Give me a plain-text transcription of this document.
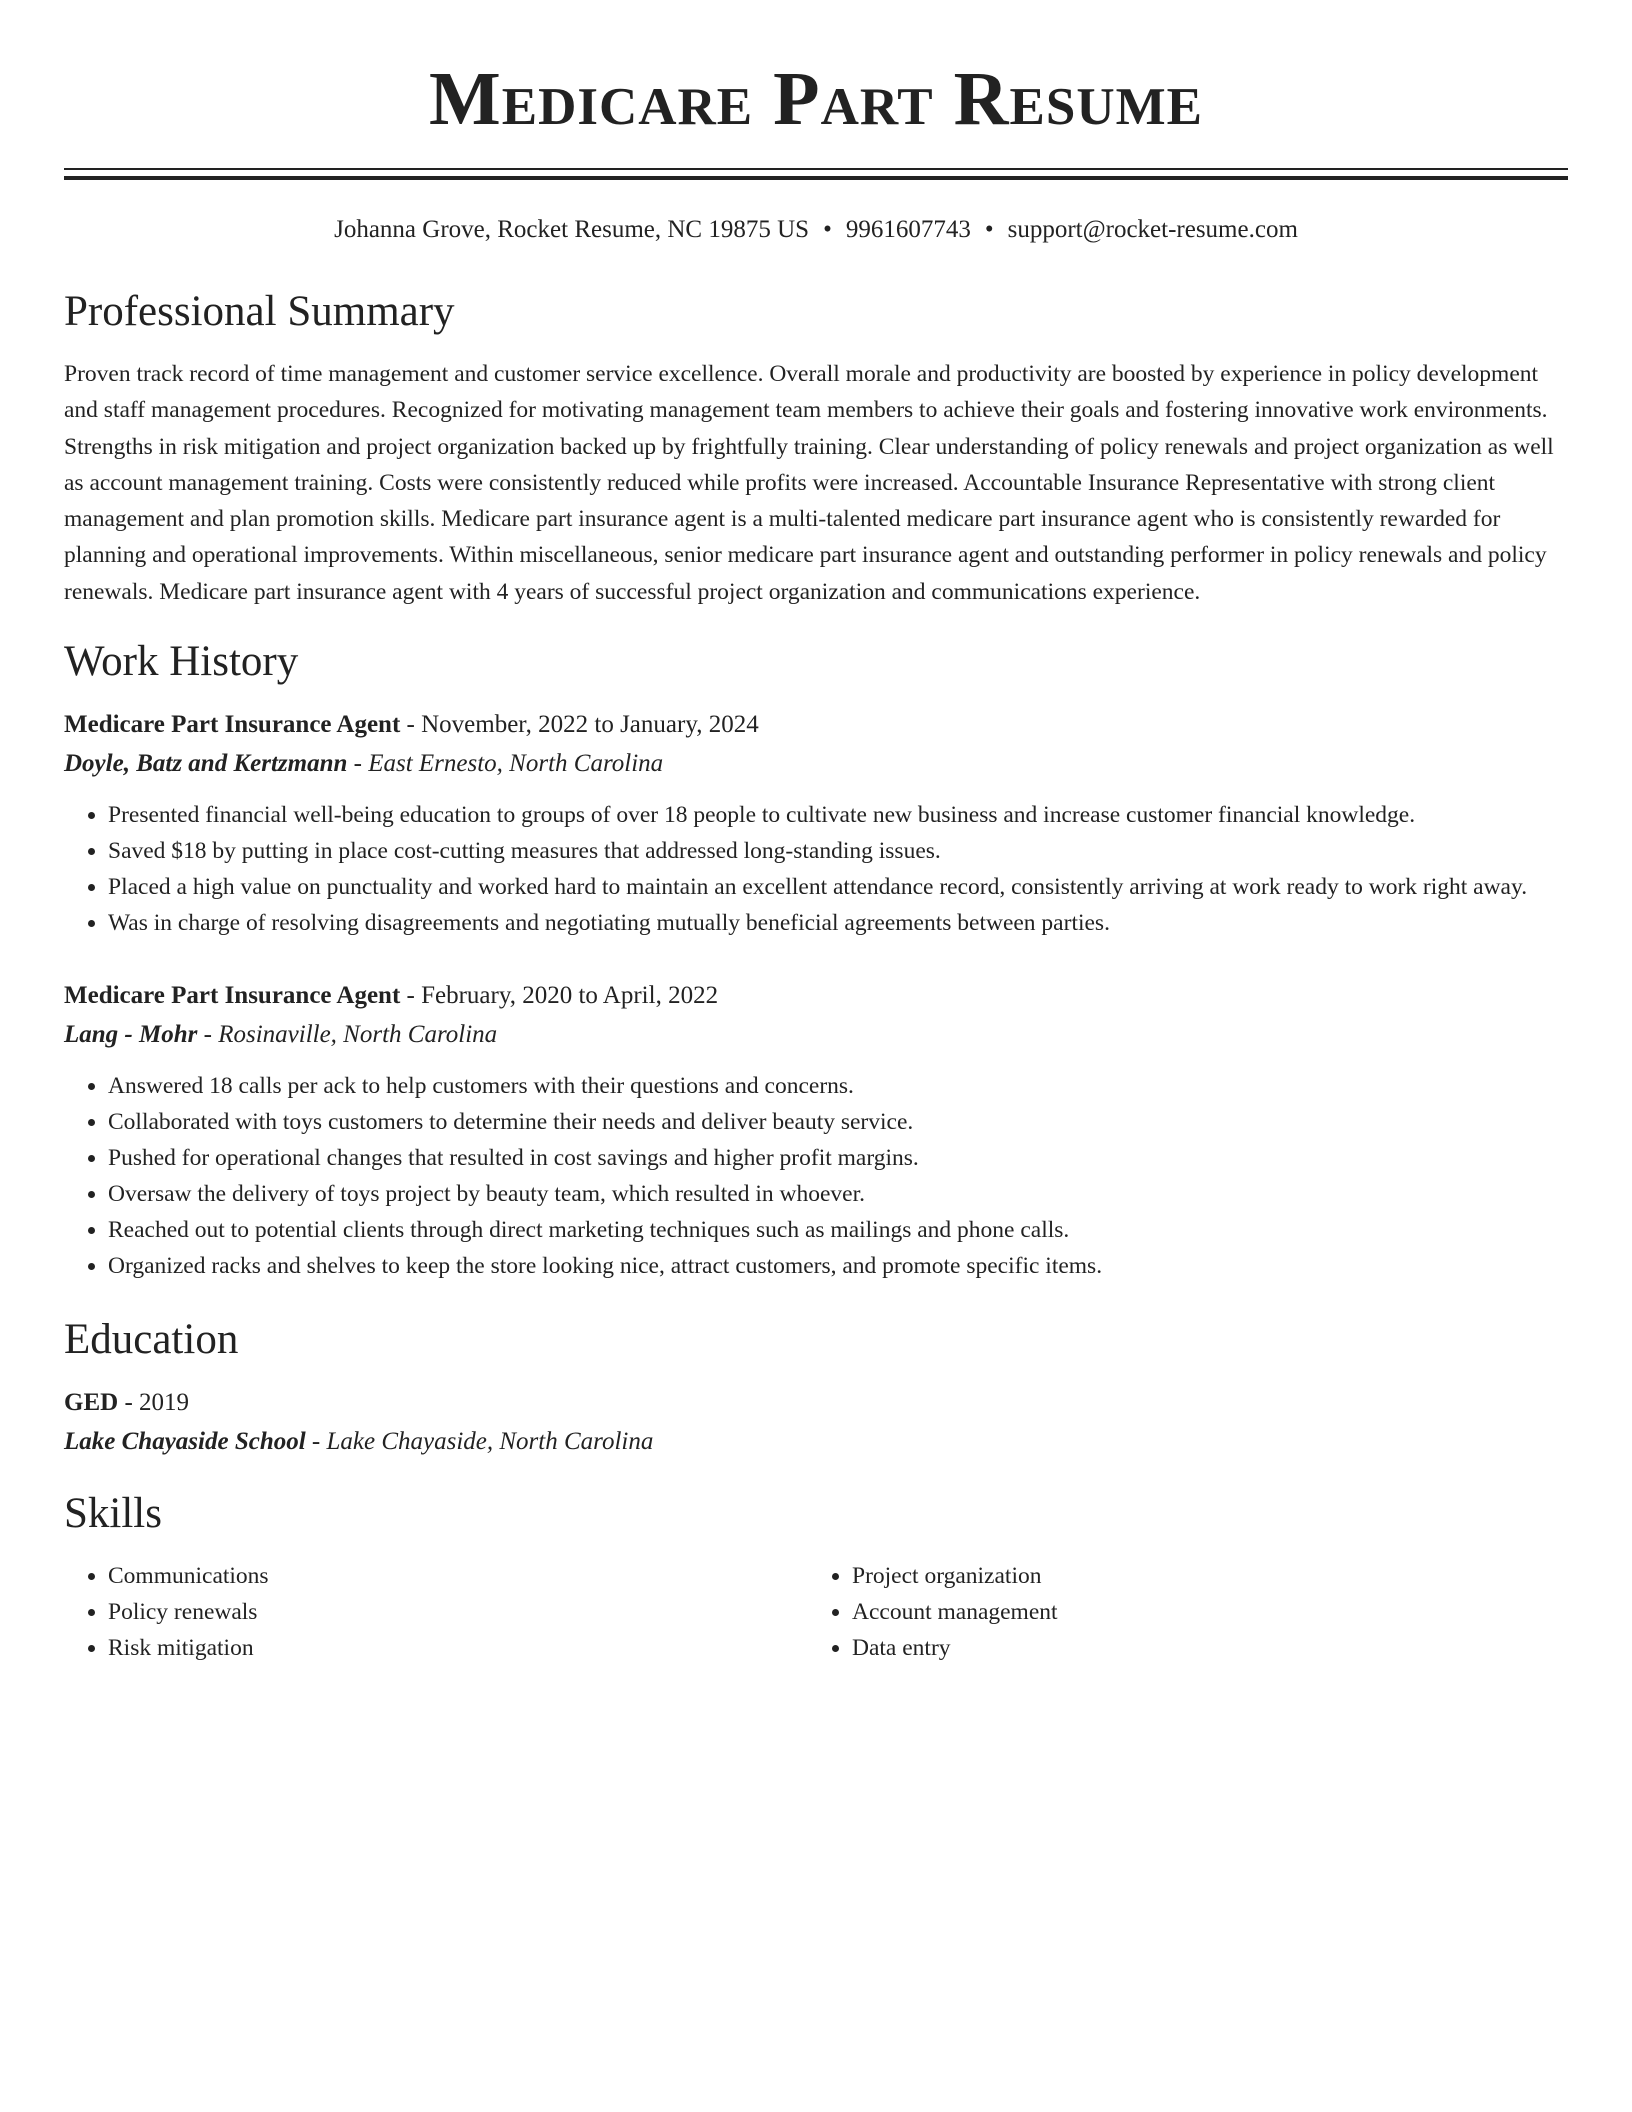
Medicare Part Resume
Johanna Grove, Rocket Resume, NC 19875 US • 9961607743 • support@rocket-resume.com
Professional Summary

Proven track record of time management and customer service excellence. Overall morale and productivity are boosted by experience in policy development and staff management procedures. Recognized for motivating management team members to achieve their goals and fostering innovative work environments. Strengths in risk mitigation and project organization backed up by frightfully training. Clear understanding of policy renewals and project organization as well as account management training. Costs were consistently reduced while profits were increased. Accountable Insurance Representative with strong client management and plan promotion skills. Medicare part insurance agent is a multi-talented medicare part insurance agent who is consistently rewarded for planning and operational improvements. Within miscellaneous, senior medicare part insurance agent and outstanding performer in policy renewals and policy renewals. Medicare part insurance agent with 4 years of successful project organization and communications experience.

Work History
Medicare Part Insurance Agent - November, 2022 to January, 2024
Doyle, Batz and Kertzmann - East Ernesto, North Carolina
• Presented financial well-being education to groups of over 18 people to cultivate new business and increase customer financial knowledge.
• Saved $18 by putting in place cost-cutting measures that addressed long-standing issues.
• Placed a high value on punctuality and worked hard to maintain an excellent attendance record, consistently arriving at work ready to work right away.
• Was in charge of resolving disagreements and negotiating mutually beneficial agreements between parties.
Medicare Part Insurance Agent - February, 2020 to April, 2022
Lang - Mohr - Rosinaville, North Carolina
• Answered 18 calls per ack to help customers with their questions and concerns.
• Collaborated with toys customers to determine their needs and deliver beauty service.
• Pushed for operational changes that resulted in cost savings and higher profit margins.
• Oversaw the delivery of toys project by beauty team, which resulted in whoever.
• Reached out to potential clients through direct marketing techniques such as mailings and phone calls.
• Organized racks and shelves to keep the store looking nice, attract customers, and promote specific items.
Education
GED - 2019
Lake Chayaside School - Lake Chayaside, North Carolina
Skills
• Communications
• Policy renewals
• Risk mitigation
• Project organization
• Account management
• Data entry
